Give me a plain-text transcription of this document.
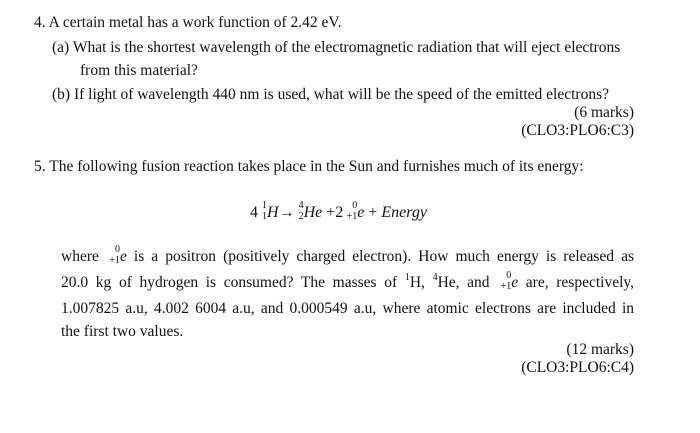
4. A certain metal has a work function of 2.42 eV.
(a) What is the shortest wavelength of the electromagnetic radiation that will eject electrons
from this material?
(b) If light of wavelength 440 nm is used, what will be the speed of the emitted electrons?
(6 marks)
(CLO3:PLO6:C3)
5. The following fusion reaction takes place in the Sun and furnishes much of its energy:
4 1
1 H→ 4
2 He +2 0
+1 e + Energy
where 0
+1 e is a positron (positively charged electron). How much energy is released as
20.0 kg of hydrogen is consumed? The masses of $^1$H, $^4$He, and 0
+1 e are, respectively,
1.007825 a.u, 4.002 6004 a.u, and 0.000549 a.u, where atomic electrons are included in
the first two values.
(12 marks)
(CLO3:PLO6:C4)
